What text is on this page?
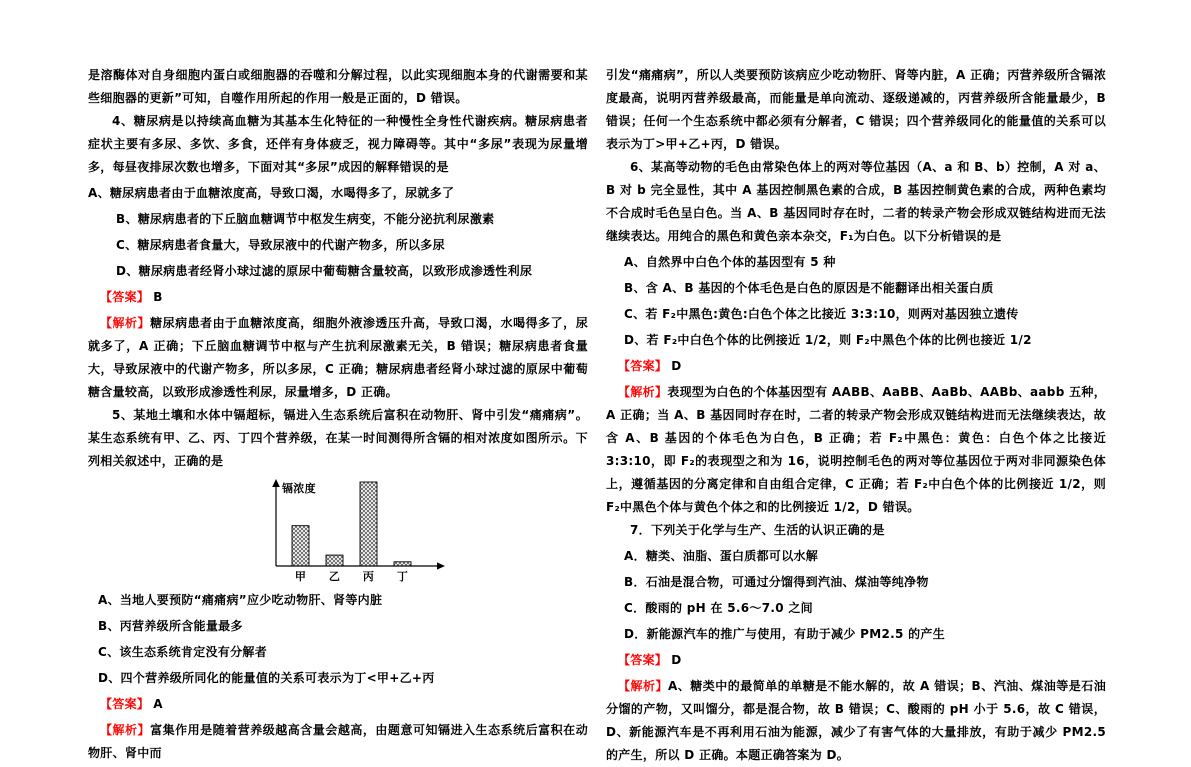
是溶酶体对自身细胞内蛋白或细胞器的吞噬和分解过程，以此实现细胞本身的代谢需要和某些细胞器的更新”可知，自噬作用所起的作用一般是正面的，D 错误。

4、糖尿病是以持续高血糖为其基本生化特征的一种慢性全身性代谢疾病。糖尿病患者症状主要有多尿、多饮、多食，还伴有身体疲乏，视力障碍等。其中“多尿”表现为尿量增多，每昼夜排尿次数也增多，下面对其“多尿”成因的解释错误的是

A、糖尿病患者由于血糖浓度高，导致口渴，水喝得多了，尿就多了

B、糖尿病患者的下丘脑血糖调节中枢发生病变，不能分泌抗利尿激素

C、糖尿病患者食量大，导致尿液中的代谢产物多，所以多尿

D、糖尿病患者经肾小球过滤的原尿中葡萄糖含量较高，以致形成渗透性利尿

【答案】 B

【解析】糖尿病患者由于血糖浓度高，细胞外液渗透压升高，导致口渴，水喝得多了，尿就多了，A 正确；下丘脑血糖调节中枢与产生抗利尿激素无关，B 错误；糖尿病患者食量大，导致尿液中的代谢产物多，所以多尿，C 正确；糖尿病患者经肾小球过滤的原尿中葡萄糖含量较高，以致形成渗透性利尿，尿量增多，D 正确。

5、某地土壤和水体中镉超标，镉进入生态系统后富积在动物肝、肾中引发“痛痛病”。某生态系统有甲、乙、丙、丁四个营养级，在某一时间测得所含镉的相对浓度如图所示。下列相关叙述中，正确的是

镉浓度
甲 乙 丙 丁

A、当地人要预防“痛痛病”应少吃动物肝、肾等内脏

B、丙营养级所含能量最多

C、该生态系统肯定没有分解者

D、四个营养级所同化的能量值的关系可表示为丁<甲+乙+丙

【答案】 A

【解析】富集作用是随着营养级越高含量会越高，由题意可知镉进入生态系统后富积在动物肝、肾中而

引发“痛痛病”，所以人类要预防该病应少吃动物肝、肾等内脏，A 正确；丙营养级所含镉浓度最高，说明丙营养级最高，而能量是单向流动、逐级递减的，丙营养级所含能量最少，B 错误；任何一个生态系统中都必须有分解者，C 错误；四个营养级同化的能量值的关系可以表示为丁>甲+乙+丙，D 错误。

6、某高等动物的毛色由常染色体上的两对等位基因（A、a 和 B、b）控制，A 对 a、B 对 b 完全显性，其中 A 基因控制黑色素的合成，B 基因控制黄色素的合成，两种色素均不合成时毛色呈白色。当 A、B 基因同时存在时，二者的转录产物会形成双链结构进而无法继续表达。用纯合的黑色和黄色亲本杂交，F₁为白色。以下分析错误的是

A、自然界中白色个体的基因型有 5 种

B、含 A、B 基因的个体毛色是白色的原因是不能翻译出相关蛋白质

C、若 F₂中黑色:黄色:白色个体之比接近 3:3:10，则两对基因独立遗传

D、若 F₂中白色个体的比例接近 1/2，则 F₂中黑色个体的比例也接近 1/2

【答案】 D

【解析】表现型为白色的个体基因型有 AABB、AaBB、AaBb、AABb、aabb 五种，A 正确；当 A、B 基因同时存在时，二者的转录产物会形成双链结构进而无法继续表达，故含 A、B 基因的个体毛色为白色，B 正确；若 F₂中黑色：黄色：白色个体之比接近 3:3:10，即 F₂的表现型之和为 16，说明控制毛色的两对等位基因位于两对非同源染色体上，遵循基因的分离定律和自由组合定律，C 正确；若 F₂中白色个体的比例接近 1/2，则 F₂中黑色个体与黄色个体之和的比例接近 1/2，D 错误。

7．下列关于化学与生产、生活的认识正确的是

A．糖类、油脂、蛋白质都可以水解

B．石油是混合物，可通过分馏得到汽油、煤油等纯净物

C．酸雨的 pH 在 5.6～7.0 之间

D．新能源汽车的推广与使用，有助于减少 PM2.5 的产生

【答案】 D

【解析】A、糖类中的最简单的单糖是不能水解的，故 A 错误；B、汽油、煤油等是石油分馏的产物，又叫馏分，都是混合物，故 B 错误；C、酸雨的 pH 小于 5.6，故 C 错误，D、新能源汽车是不再利用石油为能源，减少了有害气体的大量排放，有助于减少 PM2.5 的产生，所以 D 正确。本题正确答案为 D。
